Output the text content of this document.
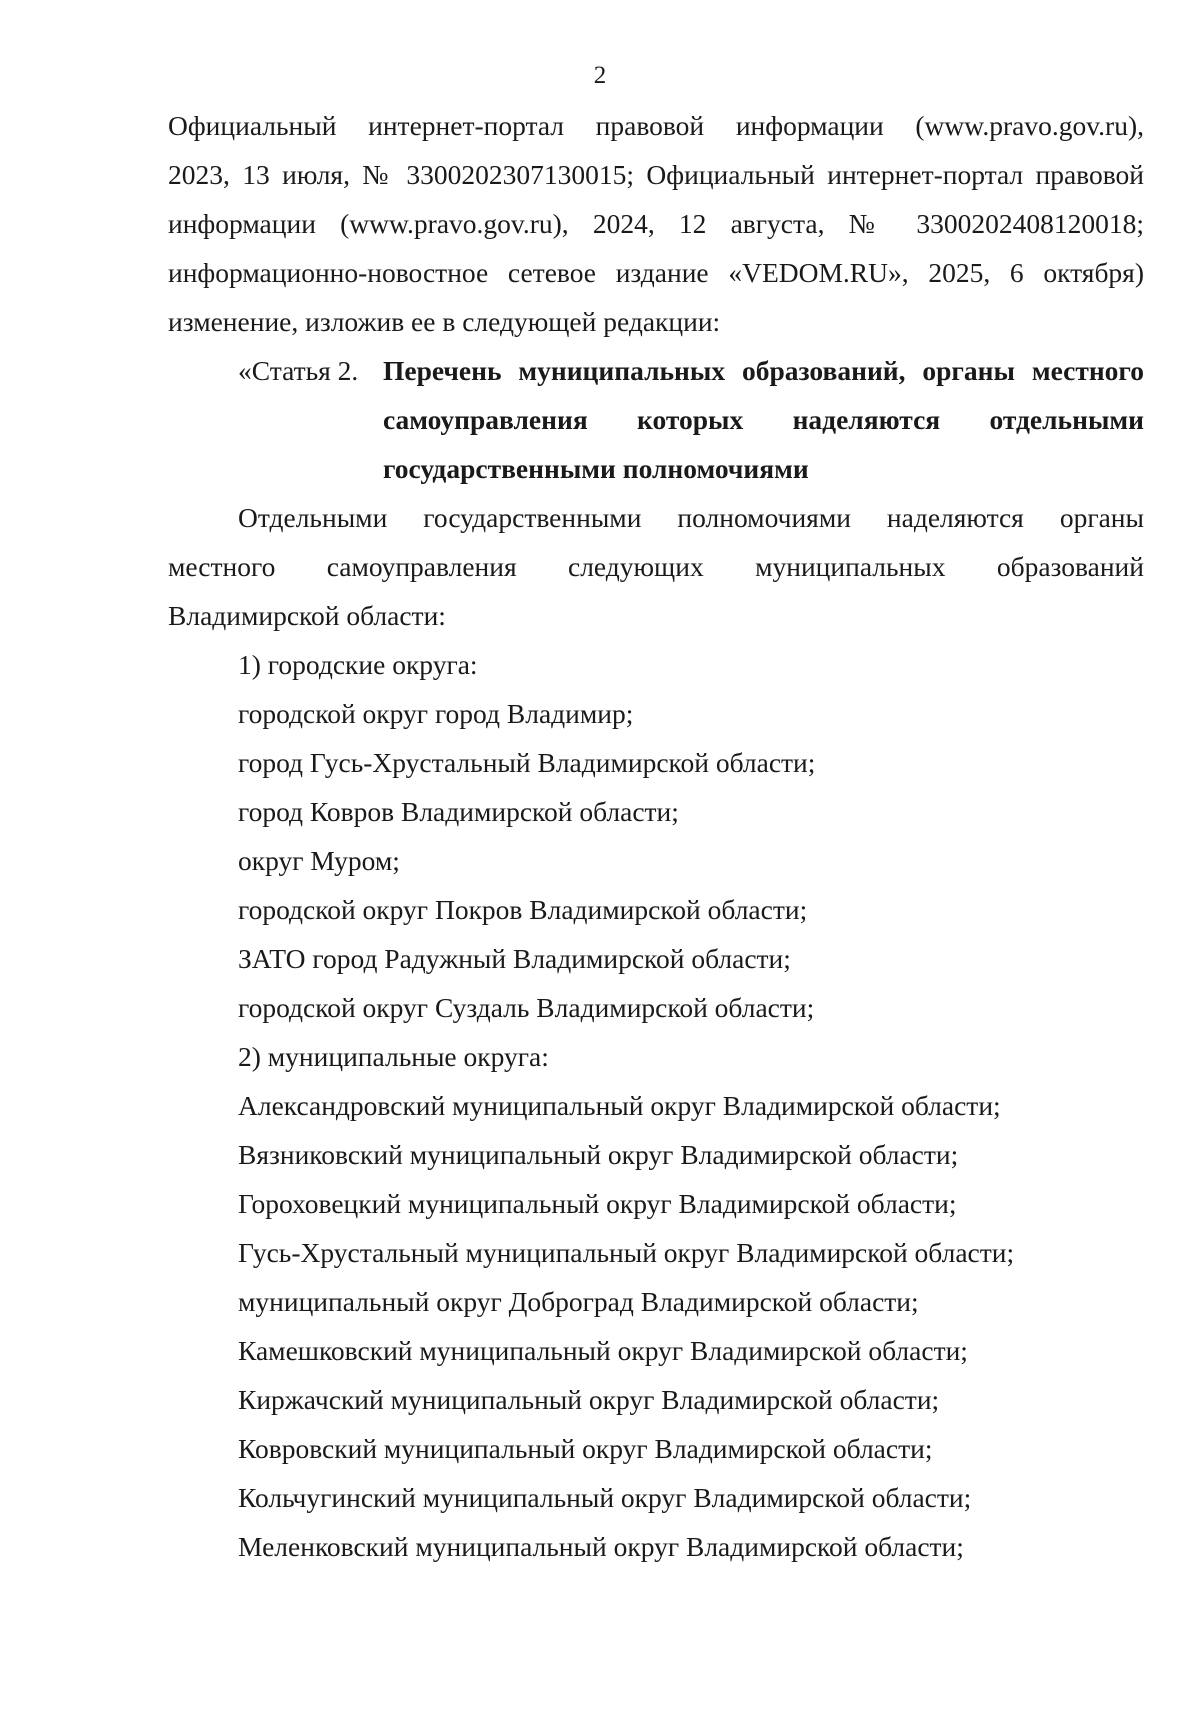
2
Официальный интернет-портал правовой информации (www.pravo.gov.ru),
2023, 13 июля, № 3300202307130015; Официальный интернет-портал правовой
информации (www.pravo.gov.ru), 2024, 12 августа, № 3300202408120018;
информационно-новостное сетевое издание «VEDOM.RU», 2025, 6 октября)
изменение, изложив ее в следующей редакции:
«Статья 2. Перечень муниципальных образований, органы местного
самоуправления которых наделяются отдельными
государственными полномочиями
Отдельными государственными полномочиями наделяются органы
местного самоуправления следующих муниципальных образований
Владимирской области:
1) городские округа:
городской округ город Владимир;
город Гусь-Хрустальный Владимирской области;
город Ковров Владимирской области;
округ Муром;
городской округ Покров Владимирской области;
ЗАТО город Радужный Владимирской области;
городской округ Суздаль Владимирской области;
2) муниципальные округа:
Александровский муниципальный округ Владимирской области;
Вязниковский муниципальный округ Владимирской области;
Гороховецкий муниципальный округ Владимирской области;
Гусь-Хрустальный муниципальный округ Владимирской области;
муниципальный округ Доброград Владимирской области;
Камешковский муниципальный округ Владимирской области;
Киржачский муниципальный округ Владимирской области;
Ковровский муниципальный округ Владимирской области;
Кольчугинский муниципальный округ Владимирской области;
Меленковский муниципальный округ Владимирской области;
